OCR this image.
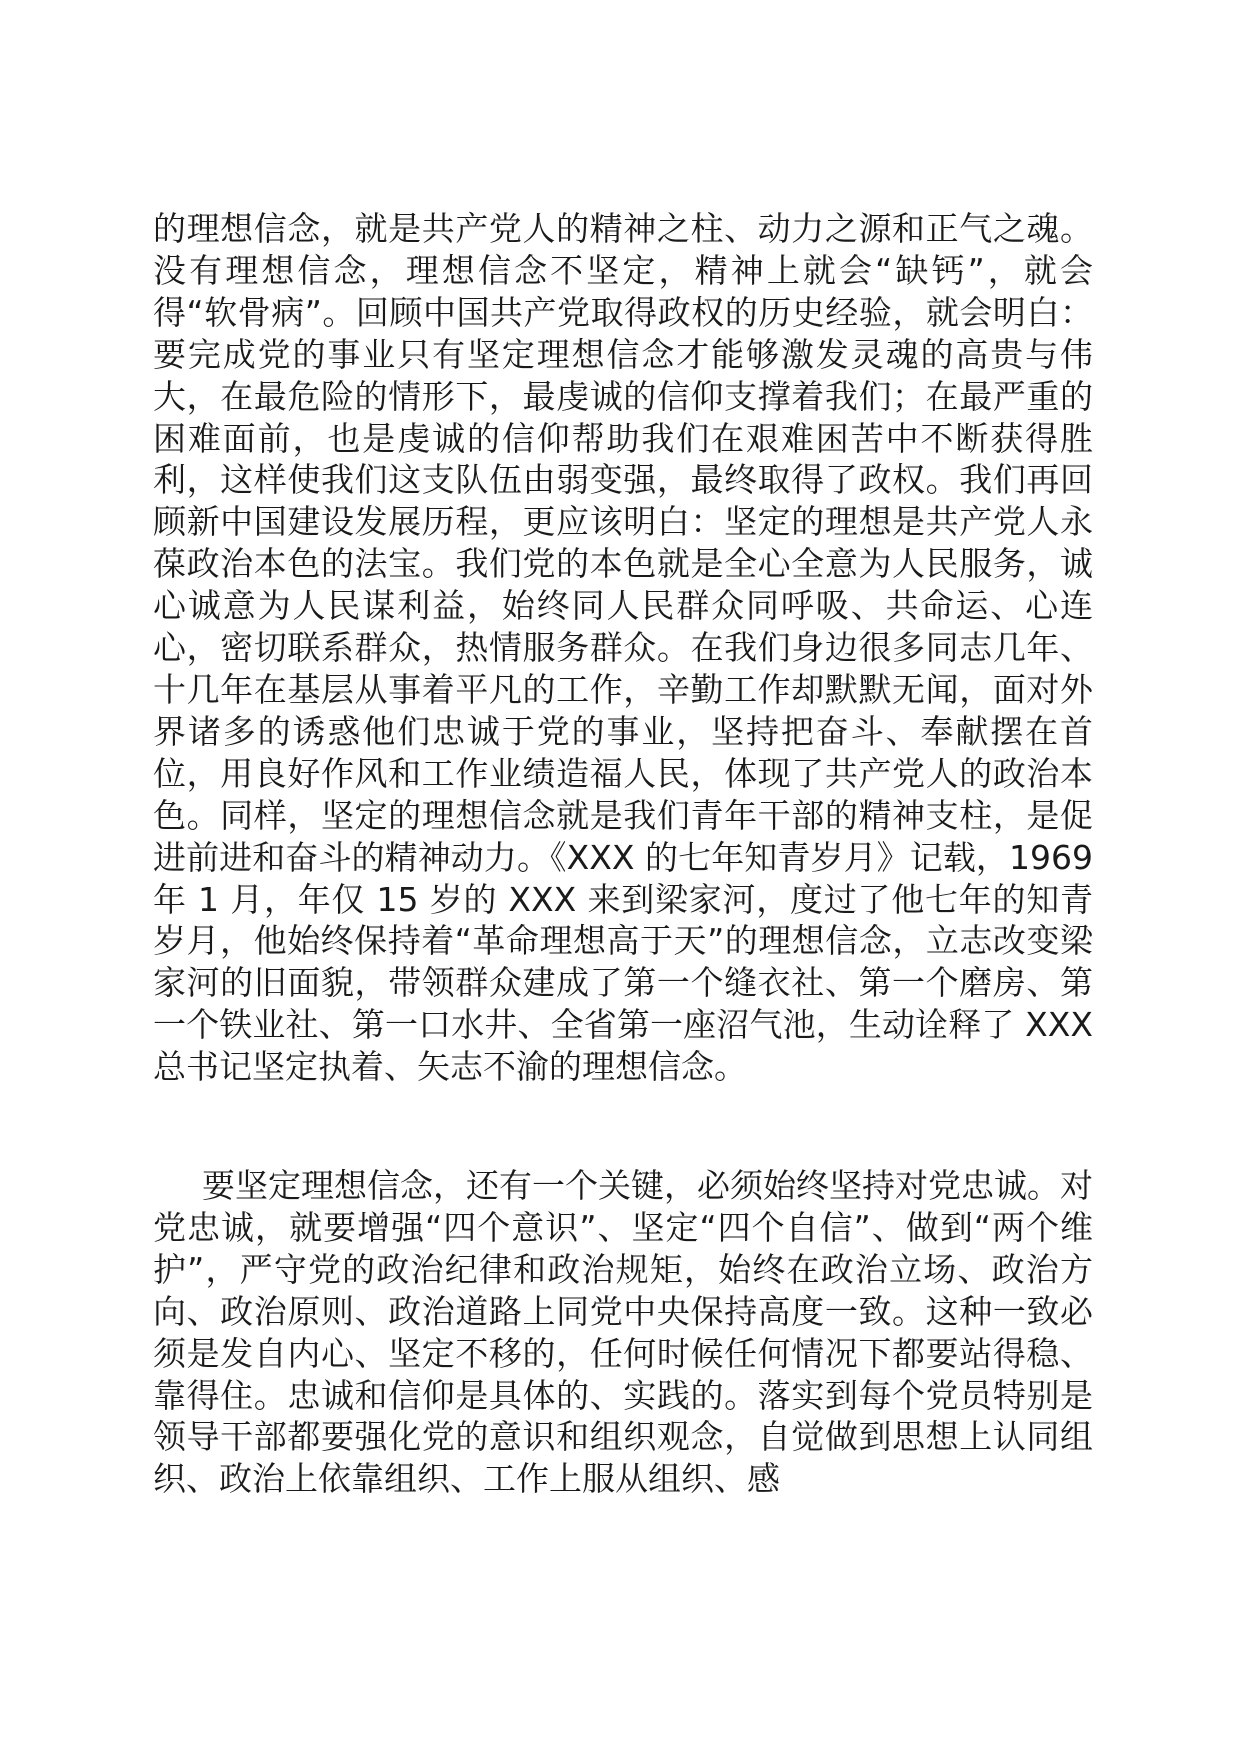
的理想信念，就是共产党人的精神之柱、动力之源和正气之魂。没有理想信念，理想信念不坚定，精神上就会“缺钙”，就会得“软骨病”。回顾中国共产党取得政权的历史经验，就会明白：要完成党的事业只有坚定理想信念才能够激发灵魂的高贵与伟大，在最危险的情形下，最虔诚的信仰支撑着我们；在最严重的困难面前，也是虔诚的信仰帮助我们在艰难困苦中不断获得胜利，这样使我们这支队伍由弱变强，最终取得了政权。我们再回顾新中国建设发展历程，更应该明白：坚定的理想是共产党人永葆政治本色的法宝。我们党的本色就是全心全意为人民服务，诚心诚意为人民谋利益，始终同人民群众同呼吸、共命运、心连心，密切联系群众，热情服务群众。在我们身边很多同志几年、十几年在基层从事着平凡的工作，辛勤工作却默默无闻，面对外界诸多的诱惑他们忠诚于党的事业，坚持把奋斗、奉献摆在首位，用良好作风和工作业绩造福人民，体现了共产党人的政治本色。同样，坚定的理想信念就是我们青年干部的精神支柱，是促进前进和奋斗的精神动力。《XXX 的七年知青岁月》记载，1969 年 1 月，年仅 15 岁的 XXX 来到梁家河，度过了他七年的知青岁月，他始终保持着“革命理想高于天”的理想信念，立志改变梁家河的旧面貌，带领群众建成了第一个缝衣社、第一个磨房、第一个铁业社、第一口水井、全省第一座沼气池，生动诠释了 XXX 总书记坚定执着、矢志不渝的理想信念。

要坚定理想信念，还有一个关键，必须始终坚持对党忠诚。对党忠诚，就要增强“四个意识”、坚定“四个自信”、做到“两个维护”，严守党的政治纪律和政治规矩，始终在政治立场、政治方向、政治原则、政治道路上同党中央保持高度一致。这种一致必须是发自内心、坚定不移的，任何时候任何情况下都要站得稳、靠得住。忠诚和信仰是具体的、实践的。落实到每个党员特别是领导干部都要强化党的意识和组织观念，自觉做到思想上认同组织、政治上依靠组织、工作上服从组织、感
